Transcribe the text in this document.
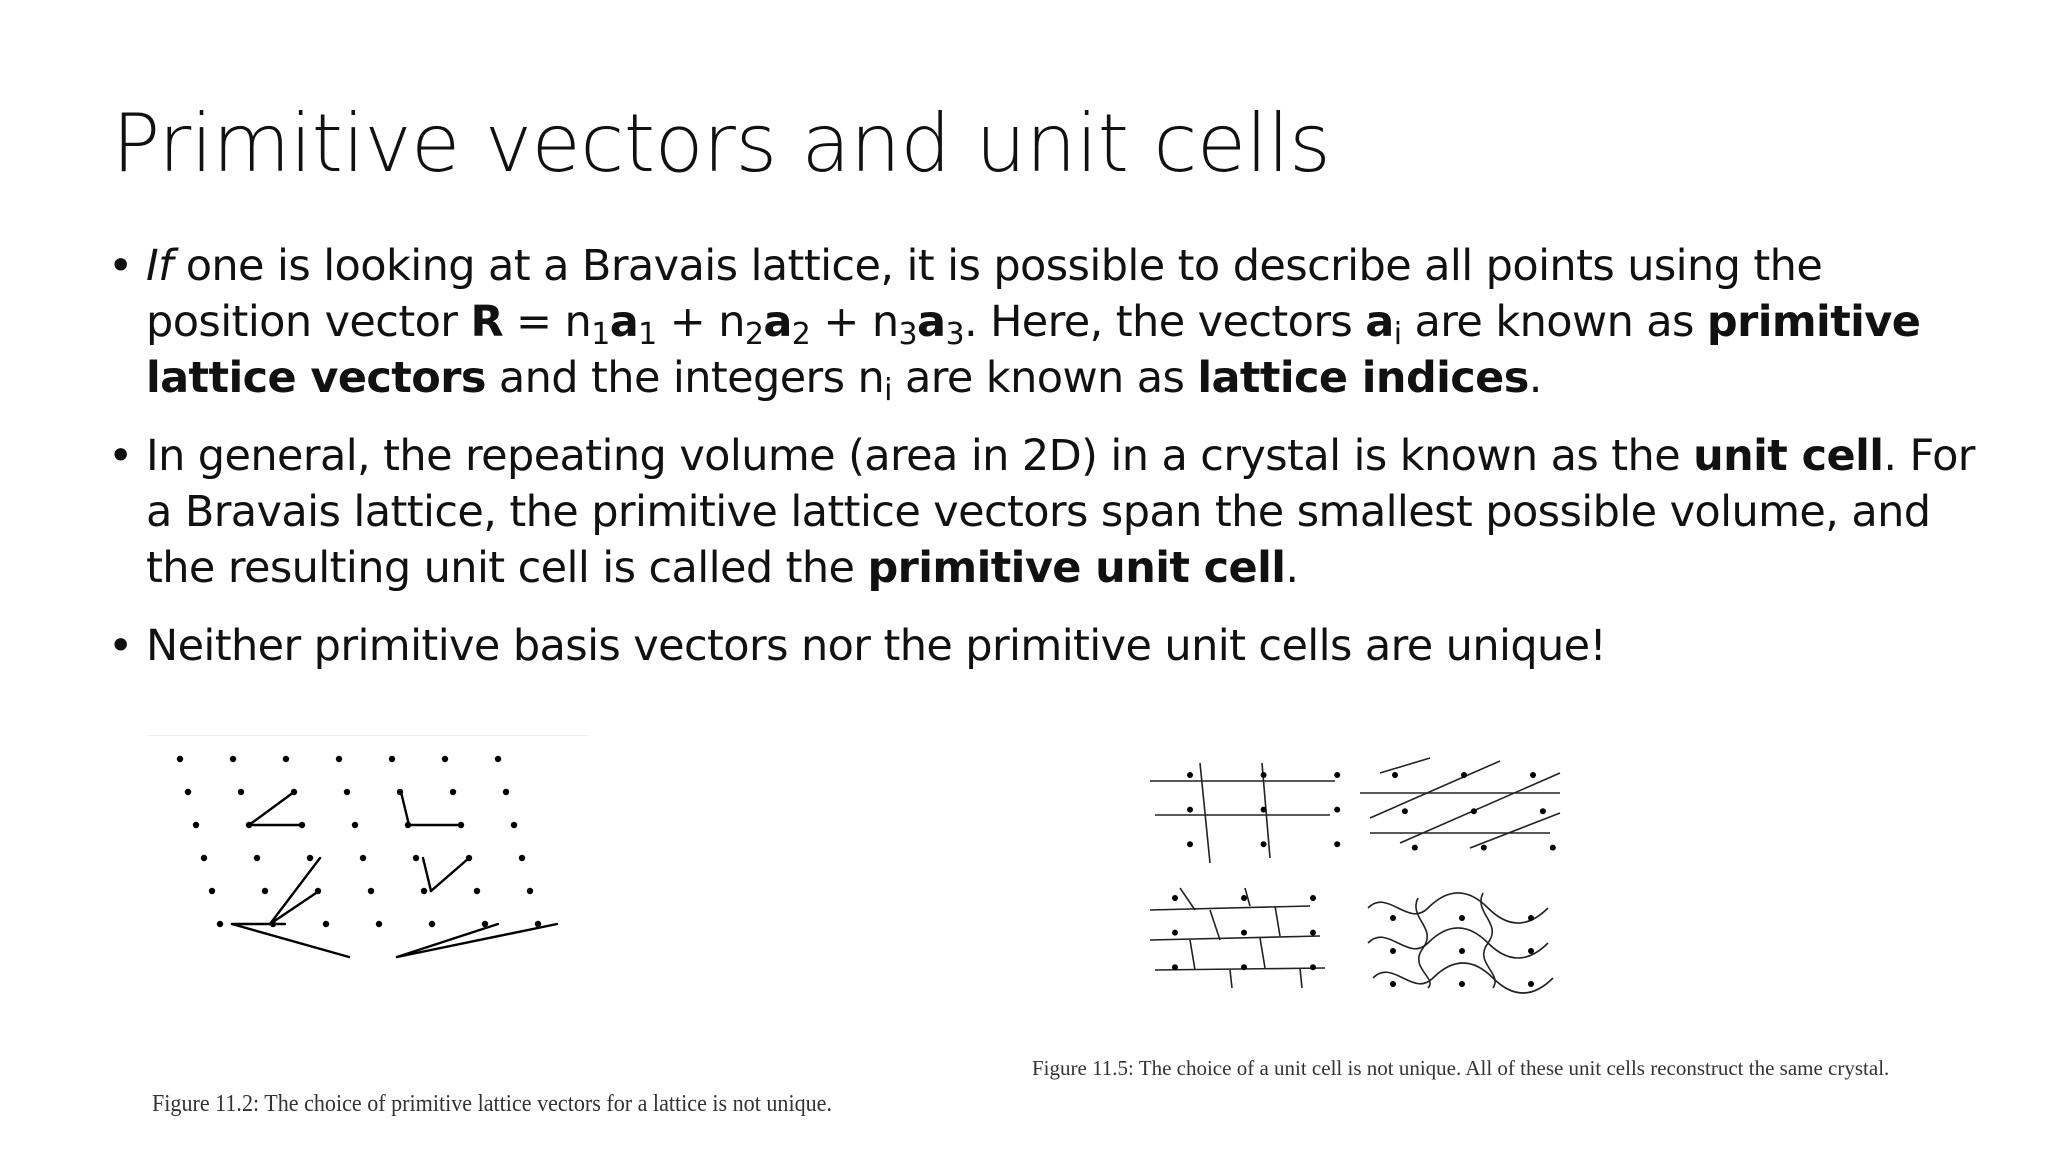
Primitive vectors and unit cells
• If one is looking at a Bravais lattice, it is possible to describe all points using the position vector $R = n_1a_1 + n_2a_2 + n_3a_3$. Here, the vectors $a_i$ are known as primitive lattice vectors and the integers $n_i$ are known as lattice indices.
• In general, the repeating volume (area in 2D) in a crystal is known as the unit cell. For a Bravais lattice, the primitive lattice vectors span the smallest possible volume, and the resulting unit cell is called the primitive unit cell.
• Neither primitive basis vectors nor the primitive unit cells are unique!
Figure 11.2: The choice of primitive lattice vectors for a lattice is not unique.
Figure 11.5: The choice of a unit cell is not unique. All of these unit cells reconstruct the same crystal.
